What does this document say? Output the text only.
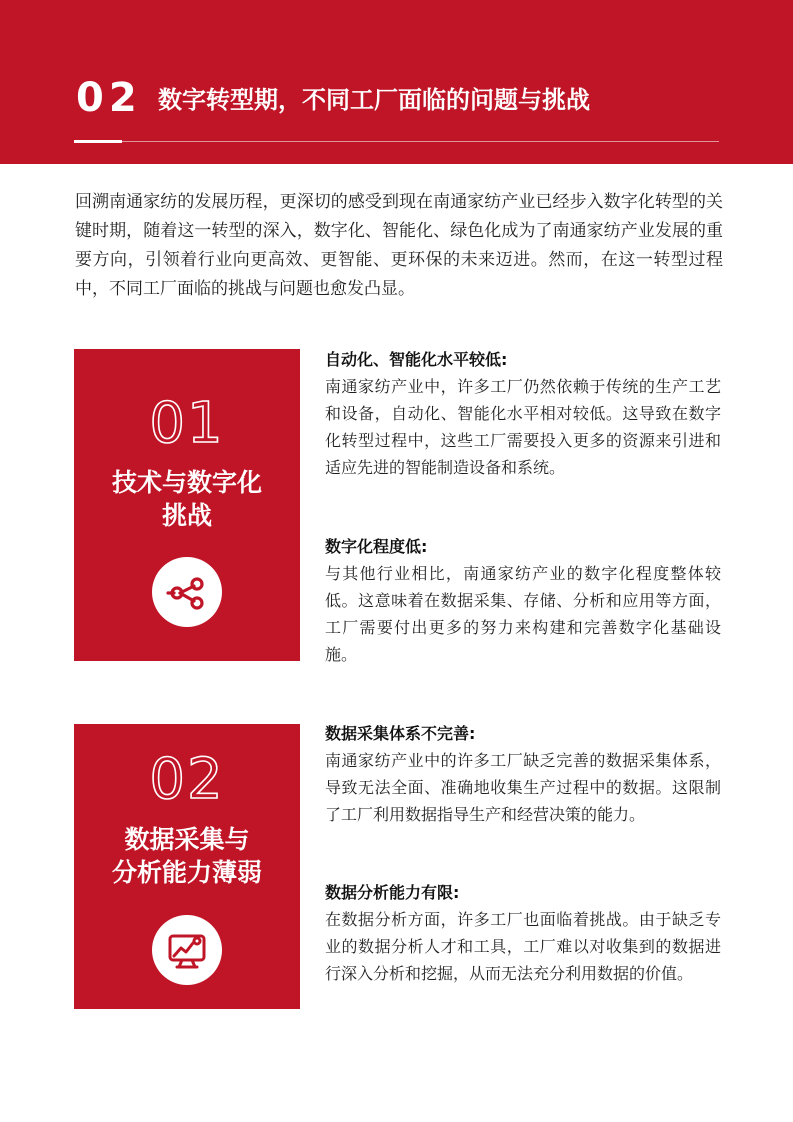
02 数字转型期，不同工厂面临的问题与挑战

回溯南通家纺的发展历程，更深切的感受到现在南通家纺产业已经步入数字化转型的关键时期，随着这一转型的深入，数字化、智能化、绿色化成为了南通家纺产业发展的重要方向，引领着行业向更高效、更智能、更环保的未来迈进。然而，在这一转型过程中，不同工厂面临的挑战与问题也愈发凸显。

01
技术与数字化
挑战
自动化、智能化水平较低:
南通家纺产业中，许多工厂仍然依赖于传统的生产工艺和设备，自动化、智能化水平相对较低。这导致在数字化转型过程中，这些工厂需要投入更多的资源来引进和适应先进的智能制造设备和系统。
数字化程度低:
与其他行业相比，南通家纺产业的数字化程度整体较低。这意味着在数据采集、存储、分析和应用等方面，工厂需要付出更多的努力来构建和完善数字化基础设施。
02
数据采集与
分析能力薄弱
数据采集体系不完善:
南通家纺产业中的许多工厂缺乏完善的数据采集体系，导致无法全面、准确地收集生产过程中的数据。这限制了工厂利用数据指导生产和经营决策的能力。
数据分析能力有限:
在数据分析方面，许多工厂也面临着挑战。由于缺乏专业的数据分析人才和工具，工厂难以对收集到的数据进行深入分析和挖掘，从而无法充分利用数据的价值。
